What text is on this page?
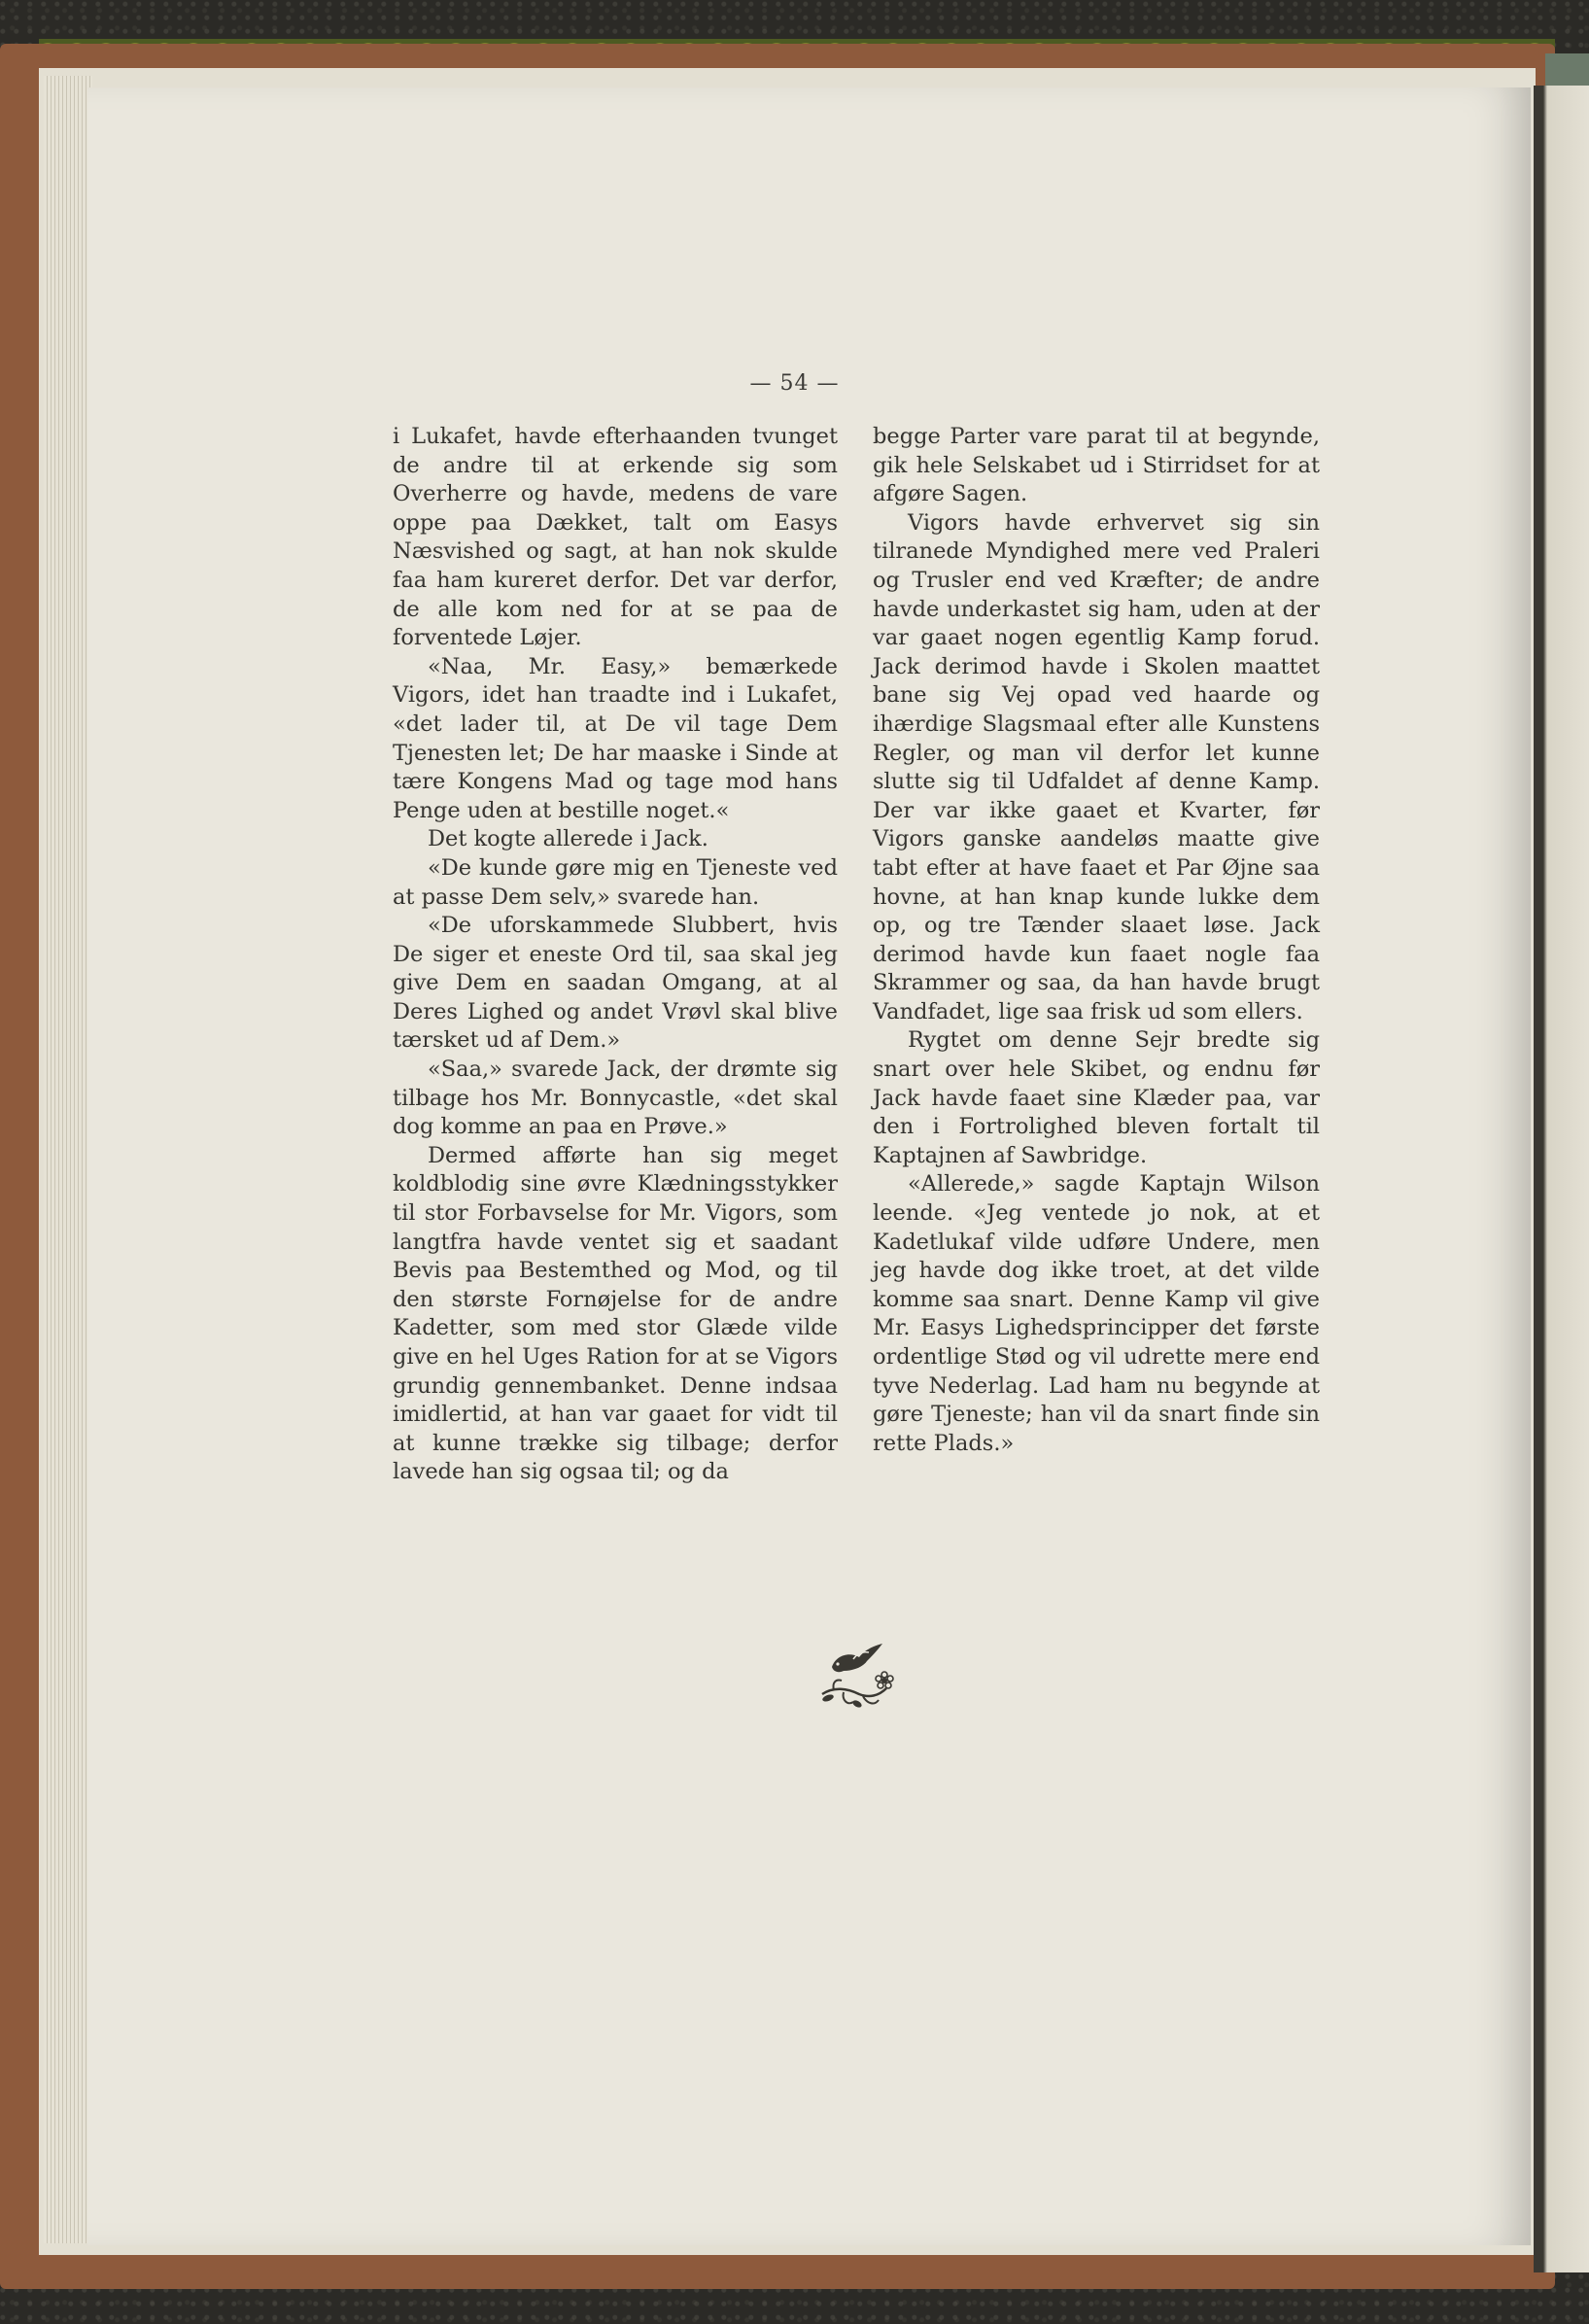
— 54 —

i Lukafet, havde efterhaanden tvunget de andre til at erkende sig som Overherre og havde, medens de vare oppe paa Dækket, talt om Easys Næsvished og sagt, at han nok skulde faa ham kureret derfor. Det var derfor, de alle kom ned for at se paa de forventede Løjer.

«Naa, Mr. Easy,» bemærkede Vigors, idet han traadte ind i Lukafet, «det lader til, at De vil tage Dem Tjenesten let; De har maaske i Sinde at tære Kongens Mad og tage mod hans Penge uden at bestille noget.«

Det kogte allerede i Jack.

«De kunde gøre mig en Tjeneste ved at passe Dem selv,» svarede han.

«De uforskammede Slubbert, hvis De siger et eneste Ord til, saa skal jeg give Dem en saadan Omgang, at al Deres Lighed og andet Vrøvl skal blive tærsket ud af Dem.»

«Saa,» svarede Jack, der drømte sig tilbage hos Mr. Bonnycastle, «det skal dog komme an paa en Prøve.»

Dermed afførte han sig meget koldblodig sine øvre Klædningsstykker til stor Forbavselse for Mr. Vigors, som langtfra havde ventet sig et saadant Bevis paa Bestemthed og Mod, og til den største Fornøjelse for de andre Kadetter, som med stor Glæde vilde give en hel Uges Ration for at se Vigors grundig gennembanket. Denne indsaa imidlertid, at han var gaaet for vidt til at kunne trække sig tilbage; derfor lavede han sig ogsaa til; og da

begge Parter vare parat til at begynde, gik hele Selskabet ud i Stirridset for at afgøre Sagen.

Vigors havde erhvervet sig sin tilranede Myndighed mere ved Praleri og Trusler end ved Kræfter; de andre havde underkastet sig ham, uden at der var gaaet nogen egentlig Kamp forud. Jack derimod havde i Skolen maattet bane sig Vej opad ved haarde og ihærdige Slagsmaal efter alle Kunstens Regler, og man vil derfor let kunne slutte sig til Udfaldet af denne Kamp. Der var ikke gaaet et Kvarter, før Vigors ganske aandeløs maatte give tabt efter at have faaet et Par Øjne saa hovne, at han knap kunde lukke dem op, og tre Tænder slaaet løse. Jack derimod havde kun faaet nogle faa Skrammer og saa, da han havde brugt Vandfadet, lige saa frisk ud som ellers.

Rygtet om denne Sejr bredte sig snart over hele Skibet, og endnu før Jack havde faaet sine Klæder paa, var den i Fortrolighed bleven fortalt til Kaptajnen af Sawbridge.

«Allerede,» sagde Kaptajn Wilson leende. «Jeg ventede jo nok, at et Kadetlukaf vilde udføre Undere, men jeg havde dog ikke troet, at det vilde komme saa snart. Denne Kamp vil give Mr. Easys Lighedsprincipper det første ordentlige Stød og vil udrette mere end tyve Nederlag. Lad ham nu begynde at gøre Tjeneste; han vil da snart finde sin rette Plads.»
